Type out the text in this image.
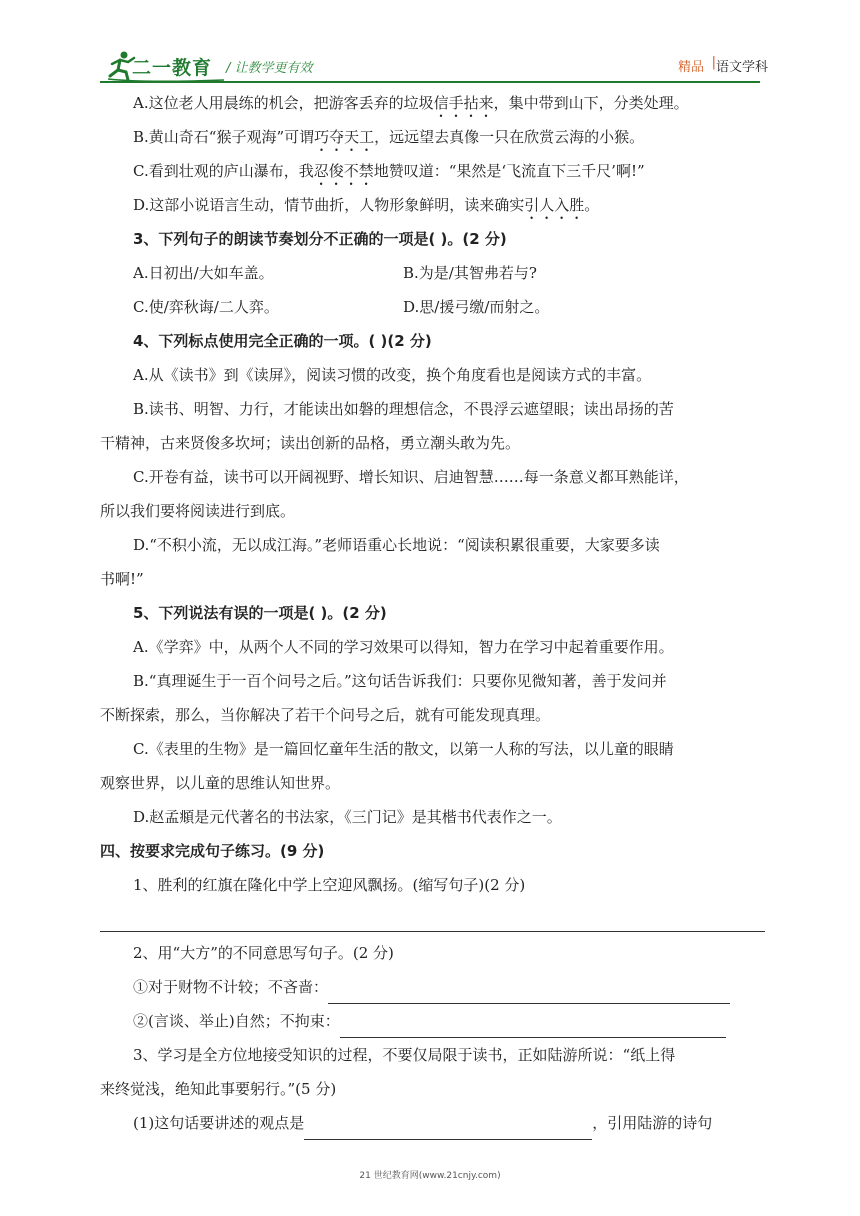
二一教育 / 让教学更有效	精品 | 语文学科
A.这位老人用晨练的机会，把游客丢弃的垃圾信手拈来，集中带到山下，分类处理。
B.黄山奇石“猴子观海”可谓巧夺天工，远远望去真像一只在欣赏云海的小猴。
C.看到壮观的庐山瀑布，我忍俊不禁地赞叹道：“果然是‘飞流直下三千尺’啊!”
D.这部小说语言生动，情节曲折，人物形象鲜明，读来确实引人入胜。
3、下列句子的朗读节奏划分不正确的一项是( )。(2 分)
A.日初出/大如车盖。	B.为是/其智弗若与?
C.使/弈秋诲/二人弈。	D.思/援弓缴/而射之。
4、下列标点使用完全正确的一项。( )(2 分)
A.从《读书》到《读屏》，阅读习惯的改变，换个角度看也是阅读方式的丰富。
B.读书、明智、力行，才能读出如磐的理想信念，不畏浮云遮望眼；读出昂扬的苦
干精神，古来贤俊多坎坷；读出创新的品格，勇立潮头敢为先。
C.开卷有益，读书可以开阔视野、增长知识、启迪智慧……每一条意义都耳熟能详，
所以我们要将阅读进行到底。
D.“不积小流，无以成江海。”老师语重心长地说：“阅读积累很重要，大家要多读
书啊!”
5、下列说法有误的一项是( )。(2 分)
A.《学弈》中，从两个人不同的学习效果可以得知，智力在学习中起着重要作用。
B.“真理诞生于一百个问号之后。”这句话告诉我们：只要你见微知著，善于发问并
不断探索，那么，当你解决了若干个问号之后，就有可能发现真理。
C.《表里的生物》是一篇回忆童年生活的散文，以第一人称的写法，以儿童的眼睛
观察世界，以儿童的思维认知世界。
D.赵孟頫是元代著名的书法家，《三门记》是其楷书代表作之一。
四、按要求完成句子练习。(9 分)
1、胜利的红旗在隆化中学上空迎风飘扬。(缩写句子)(2 分)
2、用“大方”的不同意思写句子。(2 分)
①对于财物不计较；不吝啬：
②(言谈、举止)自然；不拘束：
3、学习是全方位地接受知识的过程，不要仅局限于读书，正如陆游所说：“纸上得
来终觉浅，绝知此事要躬行。”(5 分)
(1)这句话要讲述的观点是	，引用陆游的诗句
21 世纪教育网(www.21cnjy.com)
